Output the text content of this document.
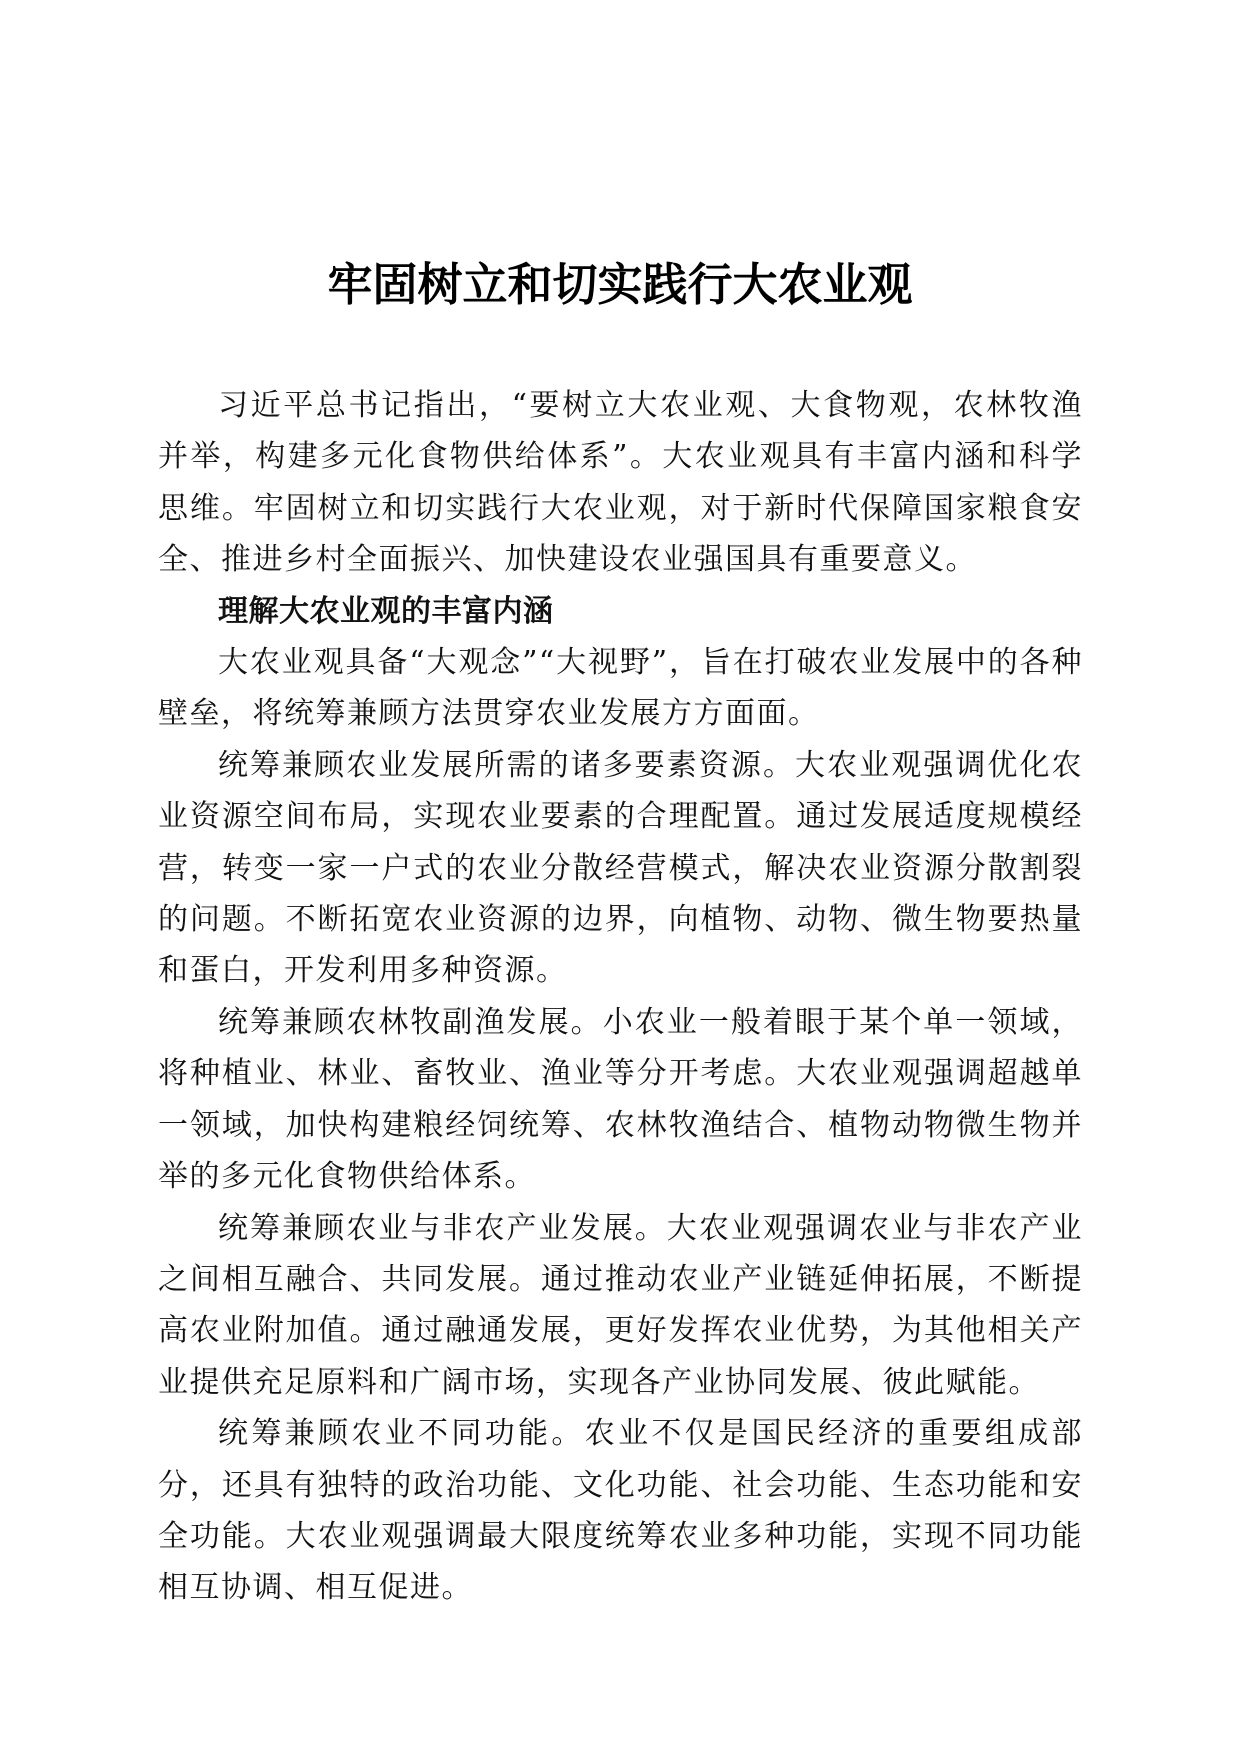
牢固树立和切实践行大农业观

习近平总书记指出，“要树立大农业观、大食物观，农林牧渔并举，构建多元化食物供给体系”。大农业观具有丰富内涵和科学思维。牢固树立和切实践行大农业观，对于新时代保障国家粮食安全、推进乡村全面振兴、加快建设农业强国具有重要意义。

理解大农业观的丰富内涵

大农业观具备“大观念”“大视野”，旨在打破农业发展中的各种壁垒，将统筹兼顾方法贯穿农业发展方方面面。

统筹兼顾农业发展所需的诸多要素资源。大农业观强调优化农业资源空间布局，实现农业要素的合理配置。通过发展适度规模经营，转变一家一户式的农业分散经营模式，解决农业资源分散割裂的问题。不断拓宽农业资源的边界，向植物、动物、微生物要热量和蛋白，开发利用多种资源。

统筹兼顾农林牧副渔发展。小农业一般着眼于某个单一领域，将种植业、林业、畜牧业、渔业等分开考虑。大农业观强调超越单一领域，加快构建粮经饲统筹、农林牧渔结合、植物动物微生物并举的多元化食物供给体系。

统筹兼顾农业与非农产业发展。大农业观强调农业与非农产业之间相互融合、共同发展。通过推动农业产业链延伸拓展，不断提高农业附加值。通过融通发展，更好发挥农业优势，为其他相关产业提供充足原料和广阔市场，实现各产业协同发展、彼此赋能。

统筹兼顾农业不同功能。农业不仅是国民经济的重要组成部分，还具有独特的政治功能、文化功能、社会功能、生态功能和安全功能。大农业观强调最大限度统筹农业多种功能，实现不同功能相互协调、相互促进。
